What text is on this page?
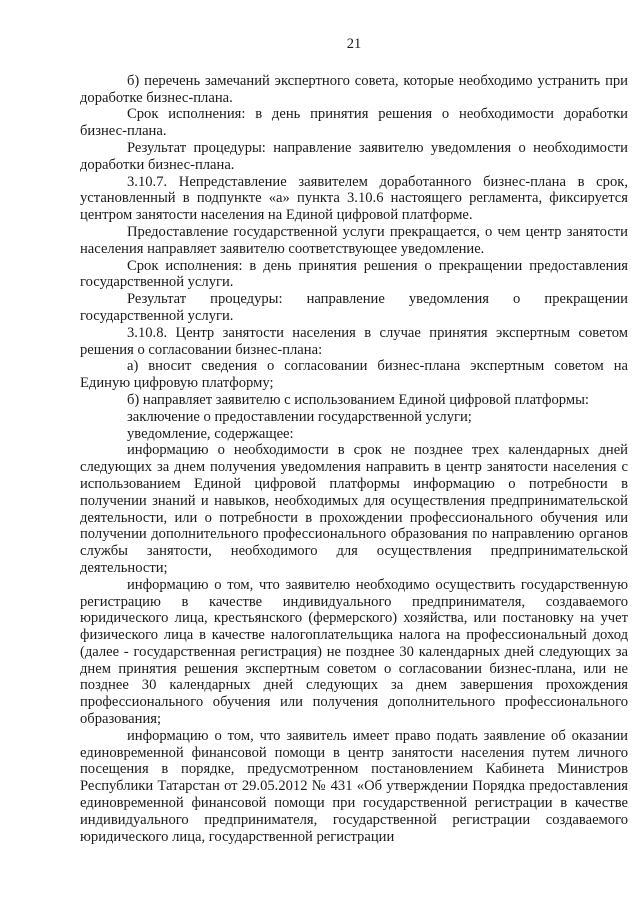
21

б) перечень замечаний экспертного совета, которые необходимо устранить при доработке бизнес-плана.

Срок исполнения: в день принятия решения о необходимости доработки бизнес-плана.

Результат процедуры: направление заявителю уведомления о необходимости доработки бизнес-плана.

3.10.7. Непредставление заявителем доработанного бизнес-плана в срок, установленный в подпункте «а» пункта 3.10.6 настоящего регламента, фиксируется центром занятости населения на Единой цифровой платформе.

Предоставление государственной услуги прекращается, о чем центр занятости населения направляет заявителю соответствующее уведомление.

Срок исполнения: в день принятия решения о прекращении предоставления государственной услуги.

Результат процедуры: направление уведомления о прекращении государственной услуги.

3.10.8. Центр занятости населения в случае принятия экспертным советом решения о согласовании бизнес-плана:

а) вносит сведения о согласовании бизнес-плана экспертным советом на Единую цифровую платформу;

б) направляет заявителю с использованием Единой цифровой платформы:

заключение о предоставлении государственной услуги;

уведомление, содержащее:

информацию о необходимости в срок не позднее трех календарных дней следующих за днем получения уведомления направить в центр занятости населения с использованием Единой цифровой платформы информацию о потребности в получении знаний и навыков, необходимых для осуществления предпринимательской деятельности, или о потребности в прохождении профессионального обучения или получении дополнительного профессионального образования по направлению органов службы занятости, необходимого для осуществления предпринимательской деятельности;

информацию о том, что заявителю необходимо осуществить государственную регистрацию в качестве индивидуального предпринимателя, создаваемого юридического лица, крестьянского (фермерского) хозяйства, или постановку на учет физического лица в качестве налогоплательщика налога на профессиональный доход (далее - государственная регистрация) не позднее 30 календарных дней следующих за днем принятия решения экспертным советом о согласовании бизнес-плана, или не позднее 30 календарных дней следующих за днем завершения прохождения профессионального обучения или получения дополнительного профессионального образования;

информацию о том, что заявитель имеет право подать заявление об оказании единовременной финансовой помощи в центр занятости населения путем личного посещения в порядке, предусмотренном постановлением Кабинета Министров Республики Татарстан от 29.05.2012 № 431 «Об утверждении Порядка предоставления единовременной финансовой помощи при государственной регистрации в качестве индивидуального предпринимателя, государственной регистрации создаваемого юридического лица, государственной регистрации
